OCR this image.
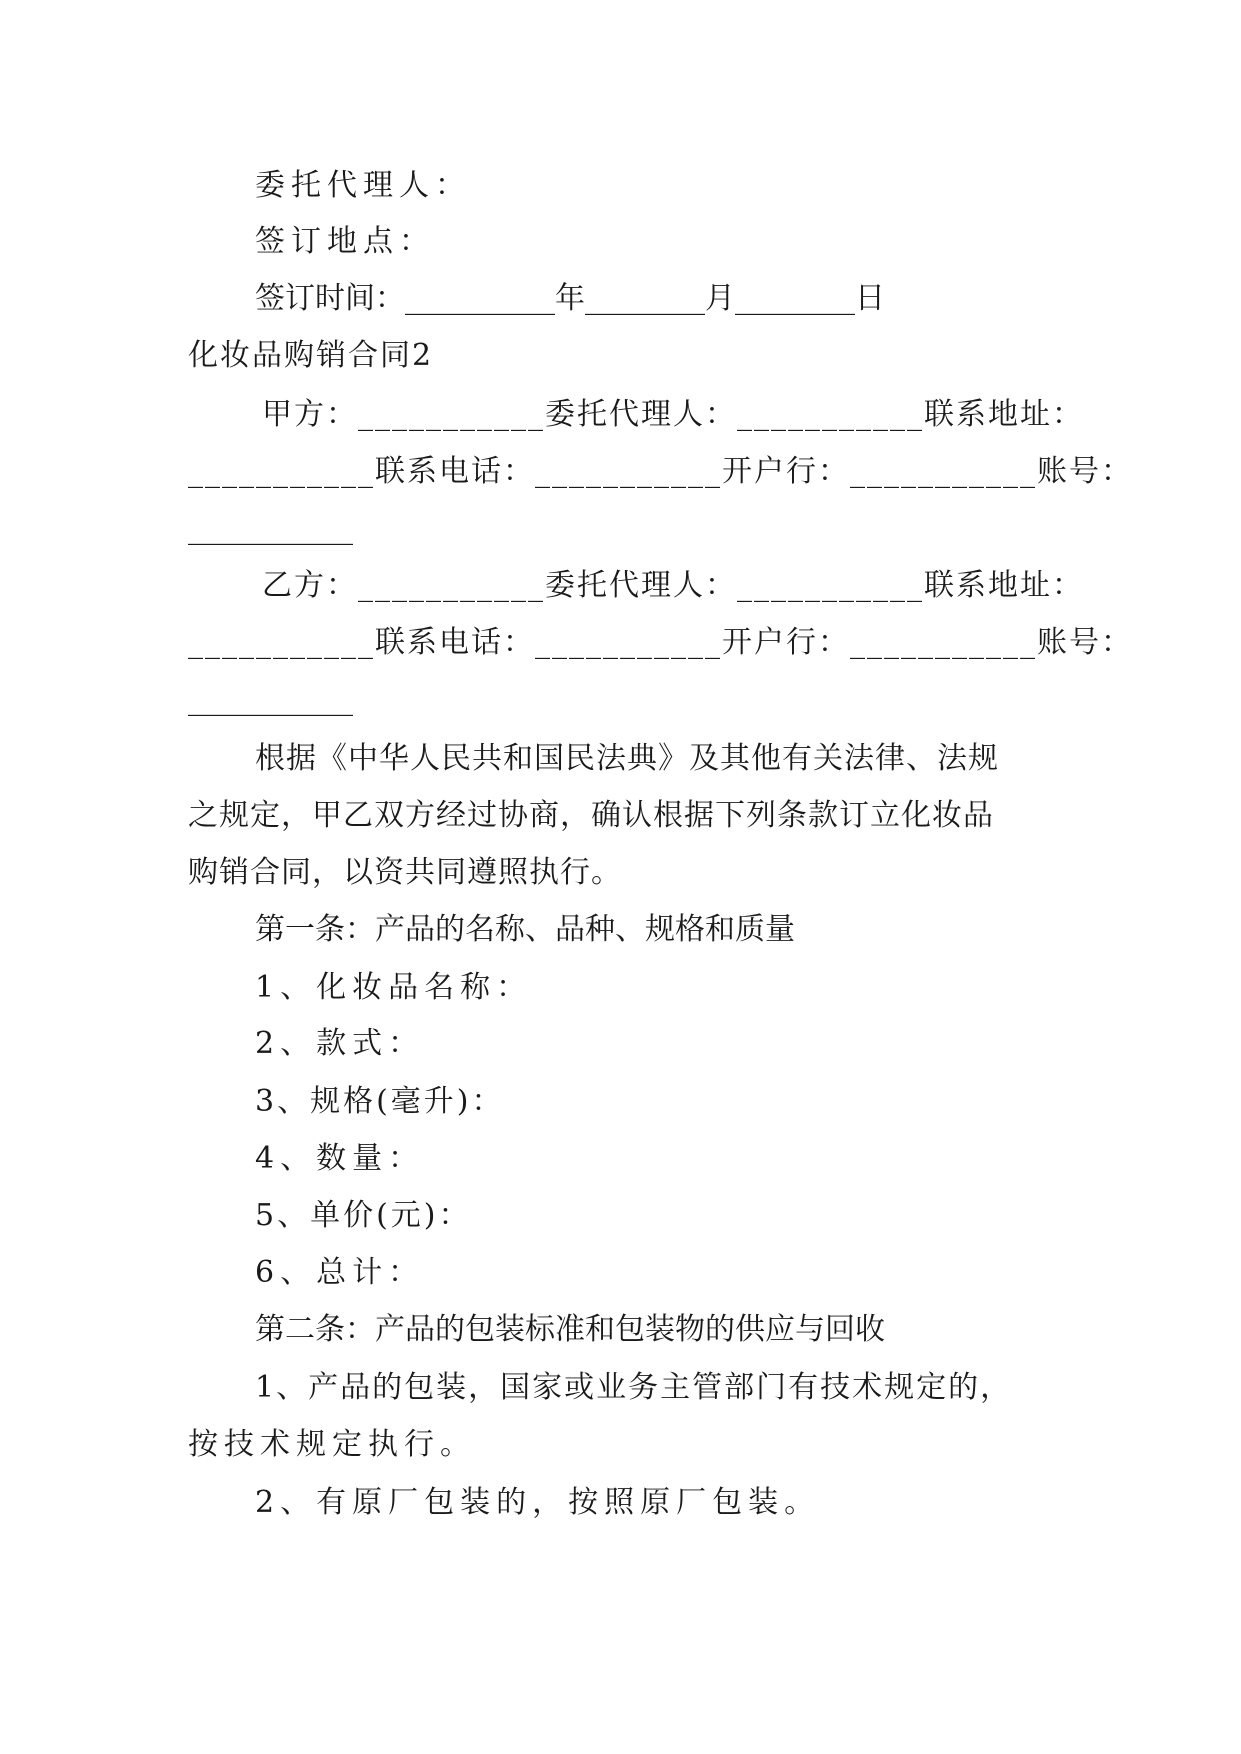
委托代理人：
签订地点：
签订时间：__________年________月________日
化妆品购销合同2
甲方：___________委托代理人：___________联系地址：
___________联系电话：___________开户行：___________账号：
___________
乙方：___________委托代理人：___________联系地址：
___________联系电话：___________开户行：___________账号：
___________
根据《中华人民共和国民法典》及其他有关法律、法规
之规定，甲乙双方经过协商，确认根据下列条款订立化妆品
购销合同，以资共同遵照执行。
第一条：产品的名称、品种、规格和质量
1、化妆品名称：
2、款式：
3、规格(毫升)：
4、数量：
5、单价(元)：
6、总计：
第二条：产品的包装标准和包装物的供应与回收
1、产品的包装，国家或业务主管部门有技术规定的，
按技术规定执行。
2、有原厂包装的，按照原厂包装。
